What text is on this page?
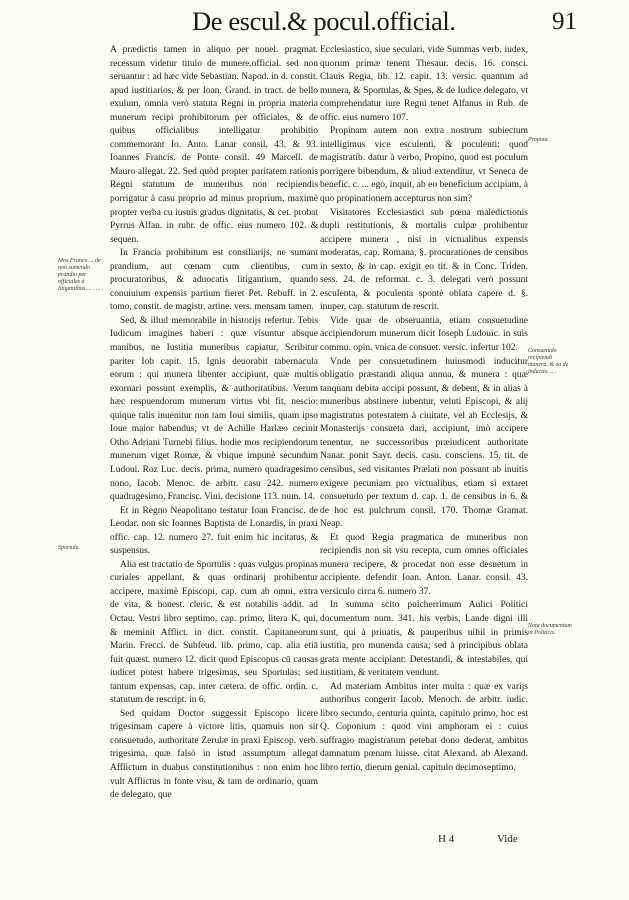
De escul.& pocul.official.	91

A prædictis tamen in aliquo per nouel. pragmat. recessum videtur titulo de munere.official. sed non seruantur : ad hæc vide Sebastian. Napod. in d. constit. apud iustitiarios, & per Ioan. Grand. in tract. de bello exulum, omnia verò statuta Regni in propria materia munerum recipi prohibitorum per officiales, & de quibus officialibus intelligatur prohibitio commemorant Io. Anto. Lanar consil. 43. & 93. Ioannes Francis. de Ponte consil. 49 Marcell. de Mauro allegat. 22. Sed quòd propter paritatem rationis Regni statutum de muneribus non recipiendis porrigatur à casu proprio ad minus proprium, maximè propter verba cu iusuis gradus dignitatis, & cet. probat Pyrrus Alfan. in rubr. de offic. eius numero 102. & sequen.

In Francia prohibitum est consiliarijs, ne sumant prandium, aut cœnam cum clientibus, cum procuratoribus, & aduocatis litigantium, quando conuiuium expensis partium fieret Pet. Rebuff. in 2. tomo, constit. de magistr. artine. vers. mensam tamen.

Sed, & illud memorabile in historijs refertur. Tebis Iudicum imagines haberi : quæ visuntur absque manibus, ne Iustitia muneribus capiatur, Scribitur pariter Iob capit. 15. Ignis deuorabit tabernacula eorum : qui munera libenter accipiunt, quæ multis exornari possunt exemplis, & authoritatibus. Verum hæc respuendorum munerum virtus vbi fit, nescio: quique talis inuenitur non tam Ioui similis, quam ipso Ioue maior habendus, vt de Achille Harlæo cecinit Otho Adriani Turnebi filius. hodie mos recipiendorum munerum viget Romæ, & vbique impunè secundum Ludoui. Roz Luc. decis. prima, numero quadragesimo nono, Iacob. Menoc. de arbitr. casu 242. numero quadragesimo, Francisc. Viui. decisione 113. num. 14.

Et in Regno Neapolitano testatur Ioan Francisc. de Leodar. non sic Ioannes Baptista de Lonardis, in praxi offic. cap. 12. numero 27. fuit enim hic incitatus, & suspensus.

Alia est tractatio de Sportulis : quas vulgus propinas curiales appellant, & quas ordinarij prohibentur accipere, maximè Episcopi, cap. cum ab omni, extra de vita, & honest. cleric. & est notabilis addit. ad Octau. Vestri libro septimo, cap. primo, litera K, qui, & meminit Afflict. in dict. constit. Capitaneorum Marin. Freccì. de Subfeud. lib. primo, cap. alia etiā fuit quæst. numero 12. dicit quod Episcopus cū causas iudicet potest habere trigesimas, seu Sportulas; sed tantum expensas, cap. inter cætera. de offic. ordin. c. statutum de rescript. in 6.

Sed quidam Doctor suggessit Episcopo licere trigesimam capere à victore litis, quamuis non sit consuetudo, authoritate Zerulæ in praxi Episcop. verb. trigesima, quæ falsò in istud assumptum allegat Afflictum in duabus constitutionibus : non enim hoc vult Afflictus in fonte visu, & tam de ordinario, quam de delegato, que

Ecclesiastico, siue seculari, vide Summas verb. iudex, quorum primæ tenent Thesaur. decis. 16. consci. Clauis Regia, lib. 12. capit. 13. versic. quantum ad munera, & Sportulas, & Spes, & de Iudice delegato, vt comprehendatur iure Regni tenet Alfanus in Rub. de offic. eius numero 107.

Propinam autem non extra nostrum subiectum intelligimus vice esculenti, & poculenti: quod magistratib. datur à verbo, Propino, quod est poculum porrigere bibendum, & aliud extenditur, vt Seneca de benefic. c. ... ego, inquit, ab eo beneficium accipiam, à quo propinationem accepturus non sim?

Visitatores Ecclesiastici sub pœna maledictionis dupli restitutionis, & mortalis culpæ prohibentur accipere munera , nisi in victualibus expensis moderatas, cap. Romana, §. procurationes de censibus in sexto, & in cap. exigit eo tit. & in Conc. Triden. sess. 24. de reformat. c. 3. delegati verò possunt esculenta, & poculenta spontè oblata capere d. §. inuper, cap. statutum de rescrit.

Vide quæ de obseruantia, etiam consuetudine accipiendorum munerum dicit Ioseph Ludouic. in suis commu. opin. vnica de consuet. versic. infertur 102.

Vnde per consuetudinem huiusmodi inducitur obligatio præstandi aliqua annua, & munera : quæ tanquam debita accipi possunt, & debent, & in alias à muneribus abstinere iubentur, veluti Episcopi, & alij magistratus potestatem à ciuitate, vel ab Ecclesijs, & Monasterijs consueta dari, accipiunt, imò accipere tenentur, ne successoribus præiudicent authoritate Nanar. ponit Sayr. decis. casu. consciens. 15. tit. de censibus, sed visitantes Prælati non possunt ab inuitis exigere pecuniam pro victualibus, etiam si extaret consuetudo per textum d. cap. 1. de censibus in 6. & de hoc est pulchrum consil. 170. Thomæ Gramat. Neap.

Et quod Regia pragmatica de muneribus non recipiendis non sit vsu recepta, cum omnes officiales munera recipere, & procedat non esse desuetum in accipiente. defendit Ioan. Anton. Lanar. consil. 43. versiculo circa 6. numero 37.

In summa scito pulcherrimum Aulici Politici documentum num. 341. his verbis, Lande digni illi sunt, qui à priuatis, & pauperibus nihil in primis iustitia, pro munenda causa; sed à principibus oblata grata mente accipiant: Detestandi, & intestabiles, qui iustitiam, & veritatem vendunt.

Ad materiam Ambitus inter multa : quæ ex varijs authoribus congerit Iacob. Menoch. de arbitr. iudic. libro secundo, centuria quinta, capitulo primo, hoc est Q. Coponium : quod vini amphoram ei : cuius suffragio magistratum petebat dono dederat, ambitus damnatum pœnam luisse. citat Alexand. ab Alexand. libro tertio, dierum genial. capitulo decimoseptimo.

Mos Franco ... de non sumendo prandio per officiales à litigantibus ... . ... .
Sportula.
Propina.
Consuetudo recipiendi munera, & ea de inductio ... .
Nota documentum in Politicis.
H 4	Vide
